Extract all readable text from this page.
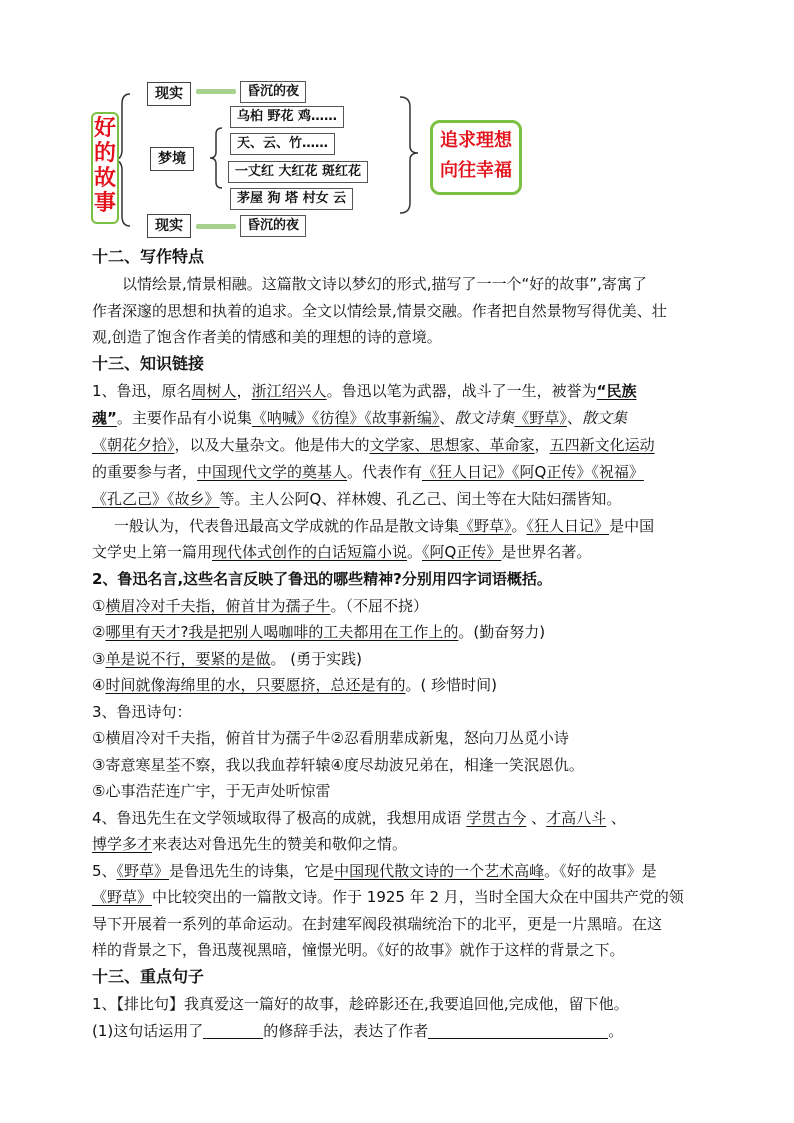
好的故事
现实
梦境
现实
昏沉的夜
乌桕 野花 鸡……
天、云、竹……
一丈红 大红花 斑红花
茅屋 狗 塔 村女 云
昏沉的夜
追求理想
向往幸福
十二、写作特点
以情绘景,情景相融。这篇散文诗以梦幻的形式,描写了一一个“好的故事”,寄寓了
作者深邃的思想和执着的追求。全文以情绘景,情景交融。作者把自然景物写得优美、壮
观,创造了饱含作者美的情感和美的理想的诗的意境。
十三、知识链接
1、鲁迅，原名周树人，浙江绍兴人。鲁迅以笔为武器，战斗了一生，被誉为“民族
魂”。主要作品有小说集《呐喊》《彷徨》《故事新编》、散文诗集《野草》、散文集
《朝花夕拾》，以及大量杂文。他是伟大的文学家、思想家、革命家，五四新文化运动
的重要参与者，中国现代文学的奠基人。代表作有《狂人日记》《阿Q正传》《祝福》
《孔乙己》《故乡》等。主人公阿Q、祥林嫂、孔乙己、闰土等在大陆妇孺皆知。
一般认为，代表鲁迅最高文学成就的作品是散文诗集《野草》。《狂人日记》是中国
文学史上第一篇用现代体式创作的白话短篇小说。《阿Q正传》是世界名著。
2、鲁迅名言,这些名言反映了鲁迅的哪些精神?分别用四字词语概括。
①横眉冷对千夫指，俯首甘为孺子牛。（不屈不挠）
②哪里有天才?我是把别人喝咖啡的工夫都用在工作上的。(勤奋努力)
③单是说不行，要紧的是做。 (勇于实践)
④时间就像海绵里的水，只要愿挤，总还是有的。( 珍惜时间)
3、鲁迅诗句：
①横眉冷对千夫指，俯首甘为孺子牛②忍看朋辈成新鬼，怒向刀丛觅小诗
③寄意寒星荃不察，我以我血荐轩辕④度尽劫波兄弟在，相逢一笑泯恩仇。
⑤心事浩茫连广宇，于无声处听惊雷
4、鲁迅先生在文学领域取得了极高的成就，我想用成语 学贯古今 、才高八斗 、
博学多才来表达对鲁迅先生的赞美和敬仰之情。
5、《野草》是鲁迅先生的诗集，它是中国现代散文诗的一个艺术高峰。《好的故事》是
《野草》中比较突出的一篇散文诗。作于 1925 年 2 月，当时全国大众在中国共产党的领
导下开展着一系列的革命运动。在封建军阀段祺瑞统治下的北平，更是一片黑暗。在这
样的背景之下，鲁迅蔑视黑暗，憧憬光明。《好的故事》就作于这样的背景之下。
十三、重点句子
1、【排比句】我真爱这一篇好的故事，趁碎影还在,我要追回他,完成他，留下他。
(1)这句话运用了	的修辞手法，表达了作者	。
